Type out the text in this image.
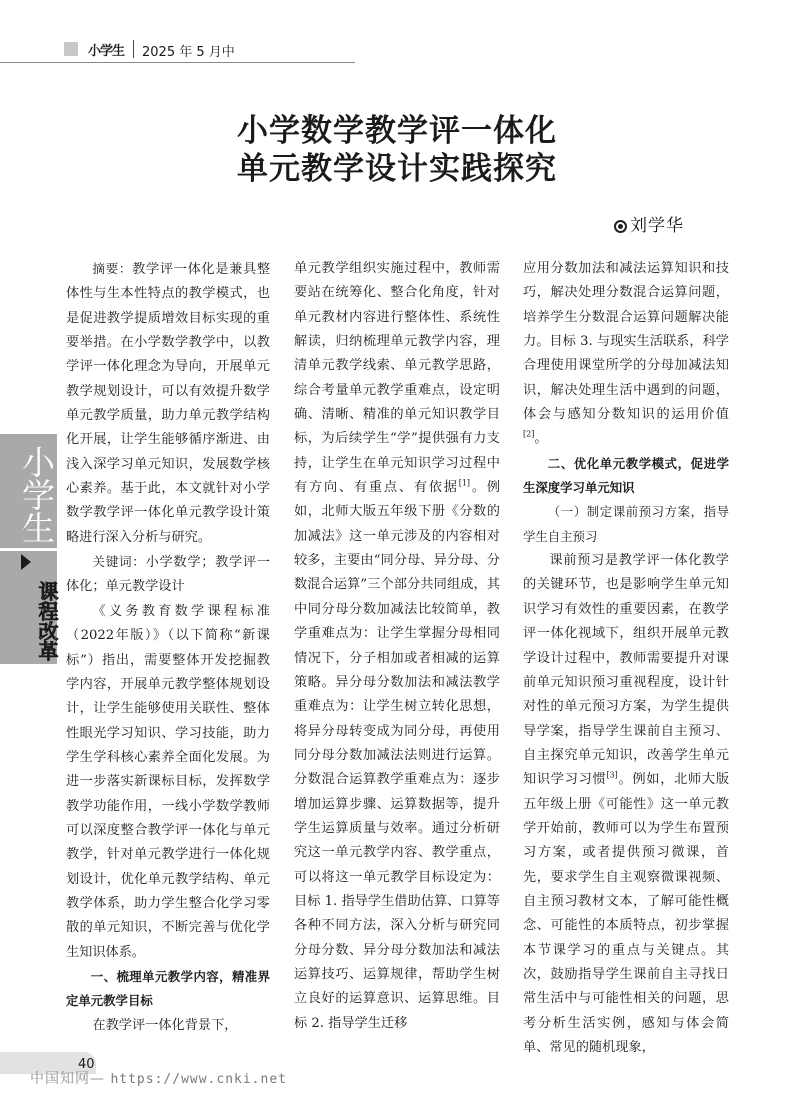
小学生 2025 年 5 月中
小学数学教学评一体化
单元教学设计实践探究
刘学华
小学生
课程改革

摘要：教学评一体化是兼具整体性与生本性特点的教学模式，也是促进教学提质增效目标实现的重要举措。在小学数学教学中，以教学评一体化理念为导向，开展单元教学规划设计，可以有效提升数学单元教学质量，助力单元教学结构化开展，让学生能够循序渐进、由浅入深学习单元知识，发展数学核心素养。基于此，本文就针对小学数学教学评一体化单元教学设计策略进行深入分析与研究。

关键词：小学数学；教学评一体化；单元教学设计

《义务教育数学课程标准（2022年版）》（以下简称“新课标”）指出，需要整体开发挖掘教学内容，开展单元教学整体规划设计，让学生能够使用关联性、整体性眼光学习知识、学习技能，助力学生学科核心素养全面化发展。为进一步落实新课标目标，发挥数学教学功能作用，一线小学数学教师可以深度整合教学评一体化与单元教学，针对单元教学进行一体化规划设计，优化单元教学结构、单元教学体系，助力学生整合化学习零散的单元知识，不断完善与优化学生知识体系。

一、梳理单元教学内容，精准界定单元教学目标

在教学评一体化背景下，

单元教学组织实施过程中，教师需要站在统筹化、整合化角度，针对单元教材内容进行整体性、系统性解读，归纳梳理单元教学内容，理清单元教学线索、单元教学思路，综合考量单元教学重难点，设定明确、清晰、精准的单元知识教学目标，为后续学生“学”提供强有力支持，让学生在单元知识学习过程中有方向、有重点、有依据[1]。例如，北师大版五年级下册《分数的加减法》这一单元涉及的内容相对较多，主要由“同分母、异分母、分数混合运算”三个部分共同组成，其中同分母分数加减法比较简单，教学重难点为：让学生掌握分母相同情况下，分子相加或者相减的运算策略。异分母分数加法和减法教学重难点为：让学生树立转化思想，将异分母转变成为同分母，再使用同分母分数加减法法则进行运算。分数混合运算教学重难点为：逐步增加运算步骤、运算数据等，提升学生运算质量与效率。通过分析研究这一单元教学内容、教学重点，可以将这一单元教学目标设定为：目标 1. 指导学生借助估算、口算等各种不同方法，深入分析与研究同分母分数、异分母分数加法和减法运算技巧、运算规律，帮助学生树立良好的运算意识、运算思维。目标 2. 指导学生迁移

应用分数加法和减法运算知识和技巧，解决处理分数混合运算问题，培养学生分数混合运算问题解决能力。目标 3. 与现实生活联系，科学合理使用课堂所学的分母加减法知识，解决处理生活中遇到的问题，体会与感知分数知识的运用价值[2]。

二、优化单元教学模式，促进学生深度学习单元知识

（一）制定课前预习方案，指导学生自主预习

课前预习是教学评一体化教学的关键环节，也是影响学生单元知识学习有效性的重要因素，在教学评一体化视域下，组织开展单元教学设计过程中，教师需要提升对课前单元知识预习重视程度，设计针对性的单元预习方案，为学生提供导学案，指导学生课前自主预习、自主探究单元知识，改善学生单元知识学习习惯[3]。例如，北师大版五年级上册《可能性》这一单元教学开始前，教师可以为学生布置预习方案，或者提供预习微课，首先，要求学生自主观察微课视频、自主预习教材文本，了解可能性概念、可能性的本质特点，初步掌握本节课学习的重点与关键点。其次，鼓励指导学生课前自主寻找日常生活中与可能性相关的问题，思考分析生活实例，感知与体会简单、常见的随机现象，

40
中国知网— https://www.cnki.net
